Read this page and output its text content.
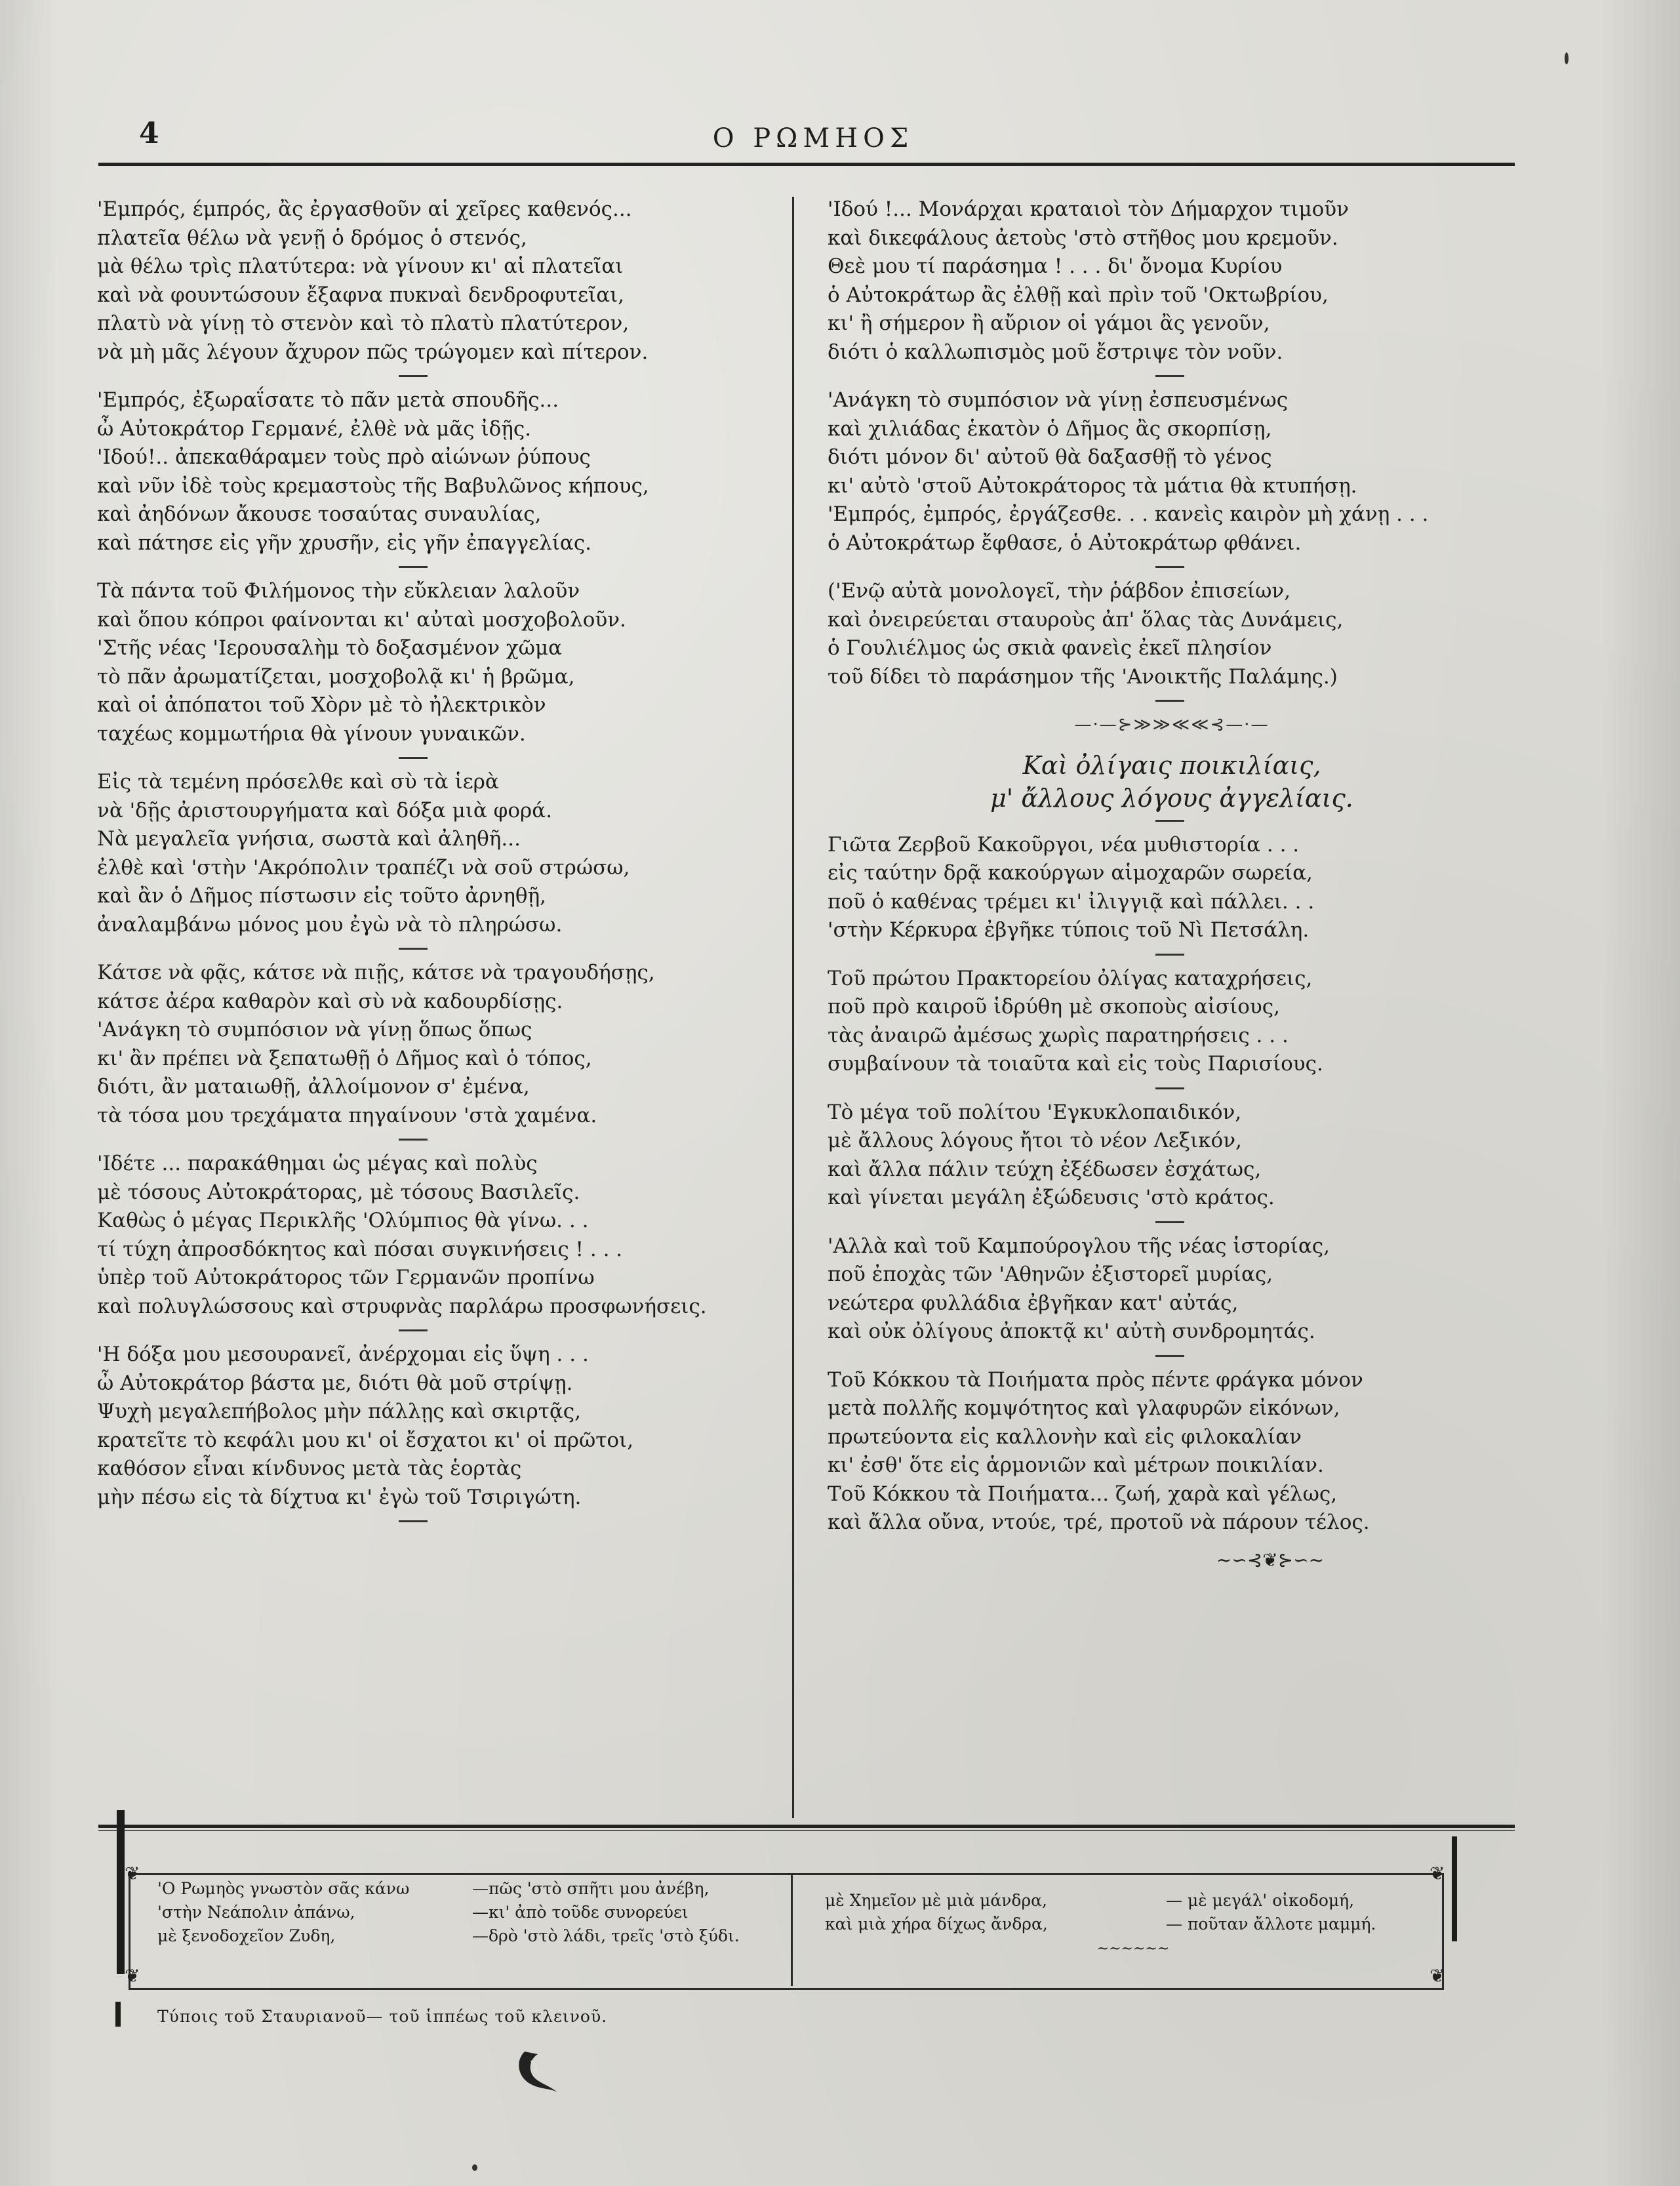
4	Ο ΡΩΜΗΟΣ
'Εμπρός, έμπρός, ἂς ἐργασθοῦν αἱ χεῖρες καθενός...
πλατεῖα θέλω νὰ γενῇ ὁ δρόμος ὁ στενός,
μὰ θέλω τρὶς πλατύτερα: νὰ γίνουν κι' αἱ πλατεῖαι
καὶ νὰ φουντώσουν ἔξαφνα πυκναὶ δενδροφυτεῖαι,
πλατὺ νὰ γίνῃ τὸ στενὸν καὶ τὸ πλατὺ πλατύτερον,
νὰ μὴ μᾶς λέγουν ἄχυρον πῶς τρώγομεν καὶ πίτερον.
'Εμπρός, ἐξωραΐσατε τὸ πᾶν μετὰ σπουδῆς...
ὦ Αὐτοκράτορ Γερμανέ, ἐλθὲ νὰ μᾶς ἰδῇς.
'Ιδού!.. ἀπεκαθάραμεν τοὺς πρὸ αἰώνων ῥύπους
καὶ νῦν ἰδὲ τοὺς κρεμαστοὺς τῆς Βαβυλῶνος κήπους,
καὶ ἀηδόνων ἄκουσε τοσαύτας συναυλίας,
καὶ πάτησε εἰς γῆν χρυσῆν, εἰς γῆν ἐπαγγελίας.
Τὰ πάντα τοῦ Φιλήμονος τὴν εὔκλειαν λαλοῦν
καὶ ὅπου κόπροι φαίνονται κι' αὐταὶ μοσχοβολοῦν.
'Στῆς νέας 'Ιερουσαλὴμ τὸ δοξασμένον χῶμα
τὸ πᾶν ἀρωματίζεται, μοσχοβολᾷ κι' ἡ βρῶμα,
καὶ οἱ ἀπόπατοι τοῦ Χὸρν μὲ τὸ ἠλεκτρικὸν
ταχέως κομμωτήρια θὰ γίνουν γυναικῶν.
Εἰς τὰ τεμένη πρόσελθε καὶ σὺ τὰ ἱερὰ
νὰ 'δῇς ἀριστουργήματα καὶ δόξα μιὰ φορά.
Νὰ μεγαλεῖα γνήσια, σωστὰ καὶ ἀληθῆ...
ἐλθὲ καὶ 'στὴν 'Ακρόπολιν τραπέζι νὰ σοῦ στρώσω,
καὶ ἂν ὁ Δῆμος πίστωσιν εἰς τοῦτο ἀρνηθῇ,
ἀναλαμβάνω μόνος μου ἐγὼ νὰ τὸ πληρώσω.
Κάτσε νὰ φᾷς, κάτσε νὰ πιῇς, κάτσε νὰ τραγουδήσῃς,
κάτσε ἀέρα καθαρὸν καὶ σὺ νὰ καδουρδίσῃς.
'Ανάγκη τὸ συμπόσιον νὰ γίνῃ ὅπως ὅπως
κι' ἂν πρέπει νὰ ξεπατωθῇ ὁ Δῆμος καὶ ὁ τόπος,
διότι, ἂν ματαιωθῇ, ἀλλοίμονον σ' ἐμένα,
τὰ τόσα μου τρεχάματα πηγαίνουν 'στὰ χαμένα.
'Ιδέτε ... παρακάθημαι ὡς μέγας καὶ πολὺς
μὲ τόσους Αὐτοκράτορας, μὲ τόσους Βασιλεῖς.
Καθὼς ὁ μέγας Περικλῆς 'Ολύμπιος θὰ γίνω. . .
τί τύχη ἀπροσδόκητος καὶ πόσαι συγκινήσεις ! . . .
ὑπὲρ τοῦ Αὐτοκράτορος τῶν Γερμανῶν προπίνω
καὶ πολυγλώσσους καὶ στρυφνὰς παρλάρω προσφωνήσεις.
'Η δόξα μου μεσουρανεῖ, ἀνέρχομαι εἰς ὕψη . . .
ὦ Αὐτοκράτορ βάστα με, διότι θὰ μοῦ στρίψῃ.
Ψυχὴ μεγαλεπήβολος μὴν πάλλῃς καὶ σκιρτᾷς,
κρατεῖτε τὸ κεφάλι μου κι' οἱ ἔσχατοι κι' οἱ πρῶτοι,
καθόσον εἶναι κίνδυνος μετὰ τὰς ἑορτὰς
μὴν πέσω εἰς τὰ δίχτυα κι' ἐγὼ τοῦ Τσιριγώτη.
'Ιδού !... Μονάρχαι κραταιοὶ τὸν Δήμαρχον τιμοῦν
καὶ δικεφάλους ἀετοὺς 'στὸ στῆθος μου κρεμοῦν.
Θεὲ μου τί παράσημα ! . . . δι' ὄνομα Κυρίου
ὁ Αὐτοκράτωρ ἂς ἐλθῇ καὶ πρὶν τοῦ 'Οκτωβρίου,
κι' ἢ σήμερον ἢ αὔριον οἱ γάμοι ἂς γενοῦν,
διότι ὁ καλλωπισμὸς μοῦ ἔστριψε τὸν νοῦν.
'Ανάγκη τὸ συμπόσιον νὰ γίνῃ ἐσπευσμένως
καὶ χιλιάδας ἑκατὸν ὁ Δῆμος ἂς σκορπίσῃ,
διότι μόνον δι' αὐτοῦ θὰ δαξασθῇ τὸ γένος
κι' αὐτὸ 'στοῦ Αὐτοκράτορος τὰ μάτια θὰ κτυπήσῃ.
'Εμπρός, ἐμπρός, ἐργάζεσθε. . . κανεὶς καιρὸν μὴ χάνῃ . . .
ὁ Αὐτοκράτωρ ἔφθασε, ὁ Αὐτοκράτωρ φθάνει.
('Ενῷ αὐτὰ μονολογεῖ, τὴν ῥάβδον ἐπισείων,
καὶ ὀνειρεύεται σταυροὺς ἀπ' ὅλας τὰς Δυνάμεις,
ὁ Γουλιέλμος ὡς σκιὰ φανεὶς ἐκεῖ πλησίον
τοῦ δίδει τὸ παράσημον τῆς 'Ανοικτῆς Παλάμης.)
—·—⊱≫≫≪≪⊰—·—
Καὶ ὀλίγαις ποικιλίαις,
μ' ἄλλους λόγους ἀγγελίαις.
Γιῶτα Ζερβοῦ Κακοῦργοι, νέα μυθιστορία . . .
εἰς ταύτην δρᾷ κακούργων αἱμοχαρῶν σωρεία,
ποῦ ὁ καθένας τρέμει κι' ἰλιγγιᾷ καὶ πάλλει. . .
'στὴν Κέρκυρα ἐβγῆκε τύποις τοῦ Νὶ Πετσάλη.
Τοῦ πρώτου Πρακτορείου ὀλίγας καταχρήσεις,
ποῦ πρὸ καιροῦ ἱδρύθη μὲ σκοποὺς αἰσίους,
τὰς ἀναιρῶ ἀμέσως χωρὶς παρατηρήσεις . . .
συμβαίνουν τὰ τοιαῦτα καὶ εἰς τοὺς Παρισίους.
Τὸ μέγα τοῦ πολίτου 'Εγκυκλοπαιδικόν,
μὲ ἄλλους λόγους ἤτοι τὸ νέον Λεξικόν,
καὶ ἄλλα πάλιν τεύχη ἐξέδωσεν ἐσχάτως,
καὶ γίνεται μεγάλη ἐξώδευσις 'στὸ κράτος.
'Αλλὰ καὶ τοῦ Καμπούρογλου τῆς νέας ἱστορίας,
ποῦ ἐποχὰς τῶν 'Αθηνῶν ἐξιστορεῖ μυρίας,
νεώτερα φυλλάδια ἐβγῆκαν κατ' αὐτάς,
καὶ οὐκ ὀλίγους ἀποκτᾷ κι' αὐτὴ συνδρομητάς.
Τοῦ Κόκκου τὰ Ποιήματα πρὸς πέντε φράγκα μόνον
μετὰ πολλῆς κομψότητος καὶ γλαφυρῶν εἰκόνων,
πρωτεύοντα εἰς καλλονὴν καὶ εἰς φιλοκαλίαν
κι' ἐσθ' ὅτε εἰς ἁρμονιῶν καὶ μέτρων ποικιλίαν.
Τοῦ Κόκκου τὰ Ποιήματα... ζωή, χαρὰ καὶ γέλως,
καὶ ἄλλα οὔνα, ντούε, τρέ, προτοῦ νὰ πάρουν τέλος.
~∽⊰❦⊱∽~
❦	❦
❦	❦
'Ο Ρωμηὸς γνωστὸν σᾶς κάνω	—πῶς 'στὸ σπῆτι μου ἀνέβη,
'στὴν Νεάπολιν ἀπάνω,	—κι' ἀπὸ τοῦδε συνορεύει
μὲ ξενοδοχεῖον Ζυδη,	—δρὸ 'στὸ λάδι, τρεῖς 'στὸ ξύδι.
μὲ Χημεῖον μὲ μιὰ μάνδρα,	— μὲ μεγάλ' οἰκοδομή,
καὶ μιὰ χήρα δίχως ἄνδρα,	— ποῦταν ἄλλοτε μαμμή.
~~~~~~
Τύποις τοῦ Σταυριανοῦ— τοῦ ἱππέως τοῦ κλεινοῦ.
